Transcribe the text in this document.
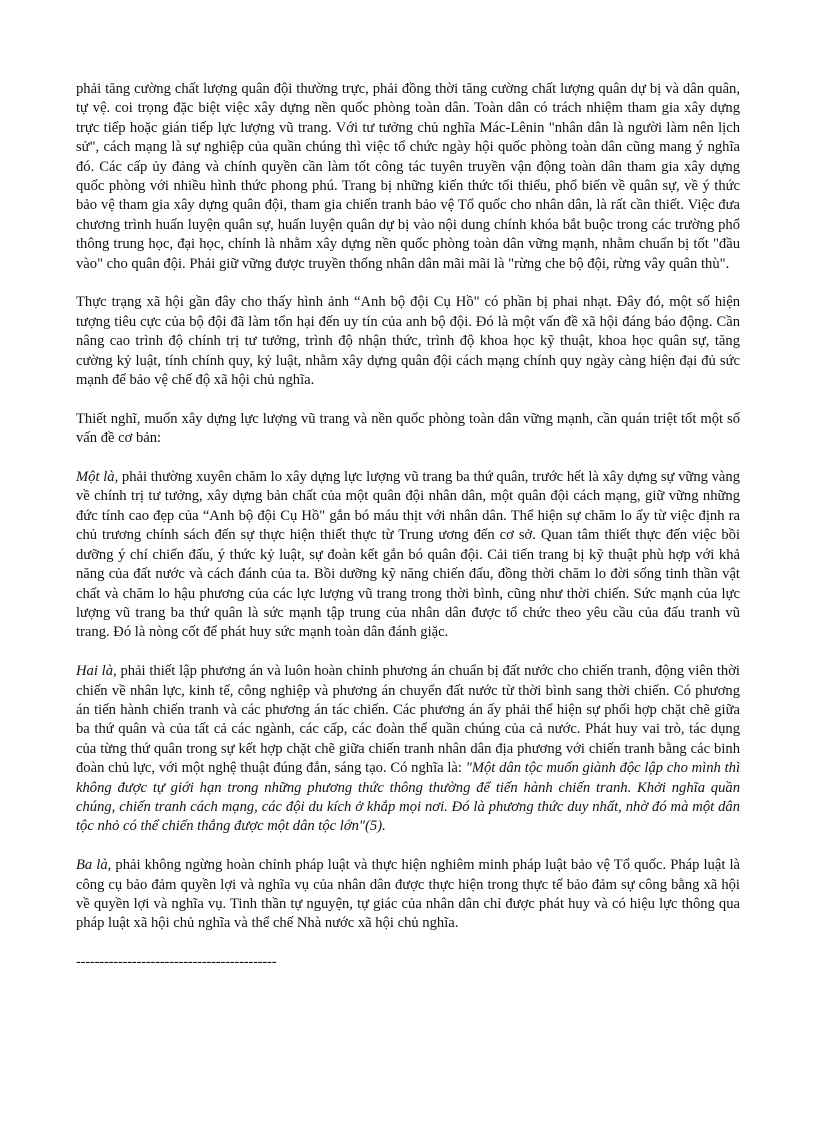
phải tăng cường chất lượng quân đội thường trực, phải đồng thời tăng cường chất lượng quân dự bị và dân quân, tự vệ. coi trọng đặc biệt việc xây dựng nền quốc phòng toàn dân. Toàn dân có trách nhiệm tham gia xây dựng trực tiếp hoặc gián tiếp lực lượng vũ trang. Với tư tưởng chủ nghĩa Mác-Lênin "nhân dân là người làm nên lịch sử", cách mạng là sự nghiệp của quần chúng thì việc tổ chức ngày hội quốc phòng toàn dân cũng mang ý nghĩa đó. Các cấp ủy đảng và chính quyền cần làm tốt công tác tuyên truyền vận động toàn dân tham gia xây dựng quốc phòng với nhiều hình thức phong phú. Trang bị những kiến thức tối thiểu, phổ biến về quân sự, về ý thức bảo vệ tham gia xây dựng quân đội, tham gia chiến tranh bảo vệ Tổ quốc cho nhân dân, là rất cần thiết. Việc đưa chương trình huấn luyện quân sự, huấn luyện quân dự bị vào nội dung chính khóa bắt buộc trong các trường phổ thông trung học, đại học, chính là nhằm xây dựng nền quốc phòng toàn dân vững mạnh, nhằm chuẩn bị tốt "đầu vào" cho quân đội. Phải giữ vững được truyền thống nhân dân mãi mãi là "rừng che bộ đội, rừng vây quân thù".

Thực trạng xã hội gần đây cho thấy hình ảnh “Anh bộ đội Cụ Hồ" có phần bị phai nhạt. Đây đó, một số hiện tượng tiêu cực của bộ đội đã làm tổn hại đến uy tín của anh bộ đội. Đó là một vấn đề xã hội đáng báo động. Cần nâng cao trình độ chính trị tư tưởng, trình độ nhận thức, trình độ khoa học kỹ thuật, khoa học quân sự, tăng cường kỷ luật, tính chính quy, kỷ luật, nhằm xây dựng quân đội cách mạng chính quy ngày càng hiện đại đủ sức mạnh để bảo vệ chế độ xã hội chủ nghĩa.

Thiết nghĩ, muốn xây dựng lực lượng vũ trang và nền quốc phòng toàn dân vững mạnh, cần quán triệt tốt một số vấn đề cơ bản:

Một là, phải thường xuyên chăm lo xây dựng lực lượng vũ trang ba thứ quân, trước hết là xây dựng sự vững vàng về chính trị tư tưởng, xây dựng bản chất của một quân đội nhân dân, một quân đội cách mạng, giữ vững những đức tính cao đẹp của “Anh bộ đội Cụ Hồ" gắn bó máu thịt với nhân dân. Thể hiện sự chăm lo ấy từ việc định ra chủ trương chính sách đến sự thực hiện thiết thực từ Trung ương đến cơ sở. Quan tâm thiết thực đến việc bồi dưỡng ý chí chiến đấu, ý thức kỷ luật, sự đoàn kết gắn bó quân đội. Cải tiến trang bị kỹ thuật phù hợp với khả năng của đất nước và cách đánh của ta. Bồi dưỡng kỹ năng chiến đấu, đồng thời chăm lo đời sống tinh thần vật chất và chăm lo hậu phương của các lực lượng vũ trang trong thời bình, cũng như thời chiến. Sức mạnh của lực lượng vũ trang ba thứ quân là sức mạnh tập trung của nhân dân được tổ chức theo yêu cầu của đấu tranh vũ trang. Đó là nòng cốt để phát huy sức mạnh toàn dân đánh giặc.

Hai là, phải thiết lập phương án và luôn hoàn chỉnh phương án chuẩn bị đất nước cho chiến tranh, động viên thời chiến về nhân lực, kinh tế, công nghiệp và phương án chuyển đất nước từ thời bình sang thời chiến. Có phương án tiến hành chiến tranh và các phương án tác chiến. Các phương án ấy phải thể hiện sự phối hợp chặt chẽ giữa ba thứ quân và của tất cả các ngành, các cấp, các đoàn thể quần chúng của cả nước. Phát huy vai trò, tác dụng của từng thứ quân trong sự kết hợp chặt chẽ giữa chiến tranh nhân dân địa phương với chiến tranh bằng các binh đoàn chủ lực, với một nghệ thuật đúng đắn, sáng tạo. Có nghĩa là: "Một dân tộc muốn giành độc lập cho mình thì không được tự giới hạn trong những phương thức thông thường để tiến hành chiến tranh. Khởi nghĩa quần chúng, chiến tranh cách mạng, các đội du kích ở khắp mọi nơi. Đó là phương thức duy nhất, nhờ đó mà một dân tộc nhỏ có thể chiến thắng được một dân tộc lớn"(5).

Ba là, phải không ngừng hoàn chỉnh pháp luật và thực hiện nghiêm minh pháp luật bảo vệ Tổ quốc. Pháp luật là công cụ bảo đảm quyền lợi và nghĩa vụ của nhân dân được thực hiện trong thực tế bảo đảm sự công bằng xã hội về quyền lợi và nghĩa vụ. Tinh thần tự nguyện, tự giác của nhân dân chỉ được phát huy và có hiệu lực thông qua pháp luật xã hội chủ nghĩa và thể chế Nhà nước xã hội chủ nghĩa.

-------------------------------------------
